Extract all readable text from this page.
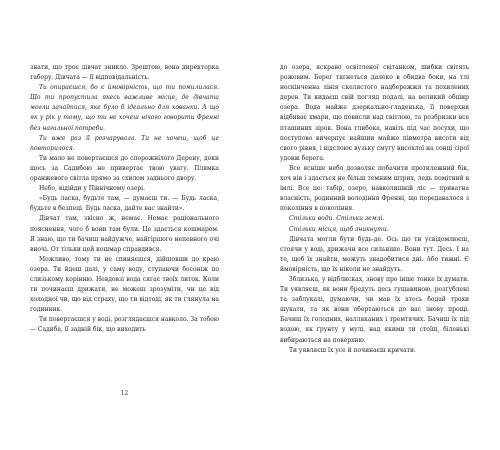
знати, що троє дівчат зникло. Зрештою, вона директорка табору. Дівчата — її відповідальність.

Ти опираєшся, бо є ймовірність, що ти помилилася. Що ти пропустила якесь важливе місце, де дівчата могли зачаїтися, яке було б ідеально для хованки. А що як у рік у тому, що ти не хочеш нічого говорити Френні без нагальної потреби.

Ти вже раз її розчарувала. Ти не хочеш, щоб це повторилося.

Ти мало не повертаєшся до спорожнілого Дерену, доки щось за Садибою не привертає твою увагу. Плямка оранжевого світла прямо за схилом заднього двору.

Небо, відійди у Північному озері.

«Будь ласка, будьте там, — думаєш ти. — Будь ласка, будьте в безпеці. Будь ласка, дайте вас знайти».

Дівчат там, звісно ж, немає. Немає раціонального пояснення, чого б вони там були. Це здається кошмаром. Я знаю, що ти бачиш найдужче, найгіршого непевного очі вночі. От тільки цей кошмар справдився.

Можливо, тому ти не спиняєшся, дійшовши до краю озера. Ти йдеш далі, у саму воду, ступаючи босоніж по слизькому корінню. Невдовзі вода сягає твоїх литок. Коли ти починаєш дрижати, не можеш зрозуміти, чи це від холодної чи, що від страху, що ти відтоді, як ти глянула на годинник.

Ти повертаєшся у воді, розглядаєшся навколо. За тобою — Садиба, її задній бік, що виходить

до озера, яскраво освітленої світанком, шибки світять рожевим. Берег тягнеться далеко в обидва боки, на тлі нескінченна лінія скелястого надбережжя та похилених дерев. Ти кидаєш свій погляд подалі, на великий обшир озера. Вода майже дзеркально-гладенька, її поверхня відбиває хмари, що повисли над світлою, та розбризки все пташиних зірок. Вона глибока, навіть під час посухи, що поступово вичерпує найшии майже півметра висоти від свого рівня, і відслоює вузьку смугу висохлої на сонці сірої удовж берега.

Все ясніше небо дозволяє побачити протилежний бік, хоч він і здається не більш темним штрих, ледь помітний в імлі. Все це: табір, озеро, навколишній ліс — приватна власність, родинний володіння Френні, що передавалося з покоління в покоління.

Стільки води. Стільки землі.

Стільки місця, щоб зникнути.

Дівчата могли бути будь-де. Ось що ти усвідомлюєш, стоячи у воді, дрижачи все сильніше. Вони тут. Десь. І на те, щоб їх знайти, можуть знадобитися дні. Або тижні. Є ймовірність, що їх ніколи не знайдуть.

Зблизька, у відблисках, знову про інше тонке їх думати. Ти уявляєш, як вони бредуть десь гущавиною, розгублені та заблукалі, думаючи, чи мав їх хтось бодай трохи шукати, та як вони обертаються до вас знову прощі. Бачиш їх голодних, налляканих і тремтячих. Бачиш їх під водою, як ґрунту у мулі, над якими ти стоїш, біленькі вибираються на поверхню.

Ти уявляєш їх усе й починаєш кричати.

12
